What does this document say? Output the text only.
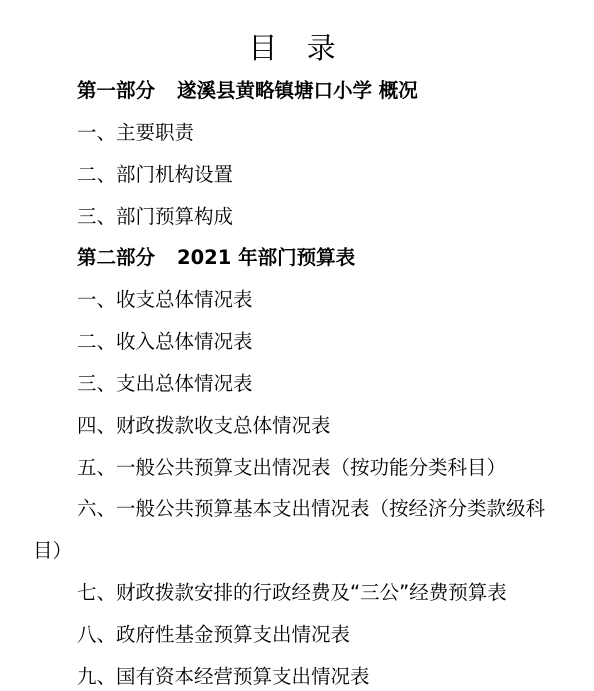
目 录
第一部分 遂溪县黄略镇塘口小学 概况
一、主要职责
二、部门机构设置
三、部门预算构成
第二部分 2021 年部门预算表
一、收支总体情况表
二、收入总体情况表
三、支出总体情况表
四、财政拨款收支总体情况表
五、一般公共预算支出情况表（按功能分类科目）
六、一般公共预算基本支出情况表（按经济分类款级科目）
七、财政拨款安排的行政经费及“三公”经费预算表
八、政府性基金预算支出情况表
九、国有资本经营预算支出情况表
